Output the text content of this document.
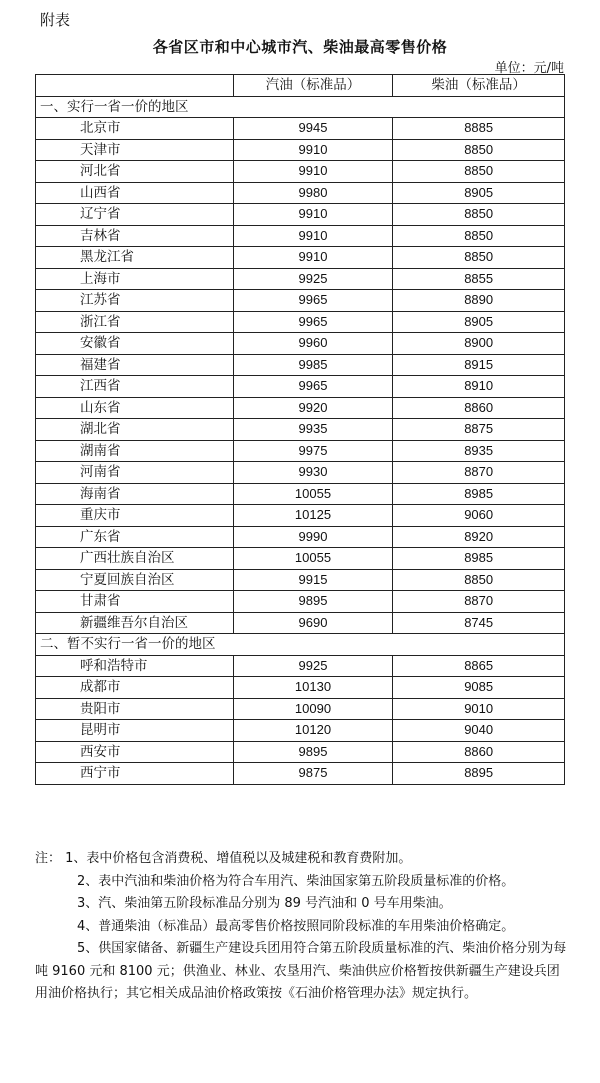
附表
各省区市和中心城市汽、柴油最高零售价格
单位：元/吨
	汽油（标准品）	柴油（标准品）
一、实行一省一价的地区		
北京市	9945	8885
天津市	9910	8850
河北省	9910	8850
山西省	9980	8905
辽宁省	9910	8850
吉林省	9910	8850
黑龙江省	9910	8850
上海市	9925	8855
江苏省	9965	8890
浙江省	9965	8905
安徽省	9960	8900
福建省	9985	8915
江西省	9965	8910
山东省	9920	8860
湖北省	9935	8875
湖南省	9975	8935
河南省	9930	8870
海南省	10055	8985
重庆市	10125	9060
广东省	9990	8920
广西壮族自治区	10055	8985
宁夏回族自治区	9915	8850
甘肃省	9895	8870
新疆维吾尔自治区	9690	8745
二、暂不实行一省一价的地区		
呼和浩特市	9925	8865
成都市	10130	9085
贵阳市	10090	9010
昆明市	10120	9040
西安市	9895	8860
西宁市	9875	8895

注： 1、表中价格包含消费税、增值税以及城建税和教育费附加。

2、表中汽油和柴油价格为符合车用汽、柴油国家第五阶段质量标准的价格。

3、汽、柴油第五阶段标准品分别为 89 号汽油和 0 号车用柴油。

4、普通柴油（标准品）最高零售价格按照同阶段标准的车用柴油价格确定。

5、供国家储备、新疆生产建设兵团用符合第五阶段质量标准的汽、柴油价格分别为每吨 9160 元和 8100 元；供渔业、林业、农垦用汽、柴油供应价格暂按供新疆生产建设兵团用油价格执行；其它相关成品油价格政策按《石油价格管理办法》规定执行。
